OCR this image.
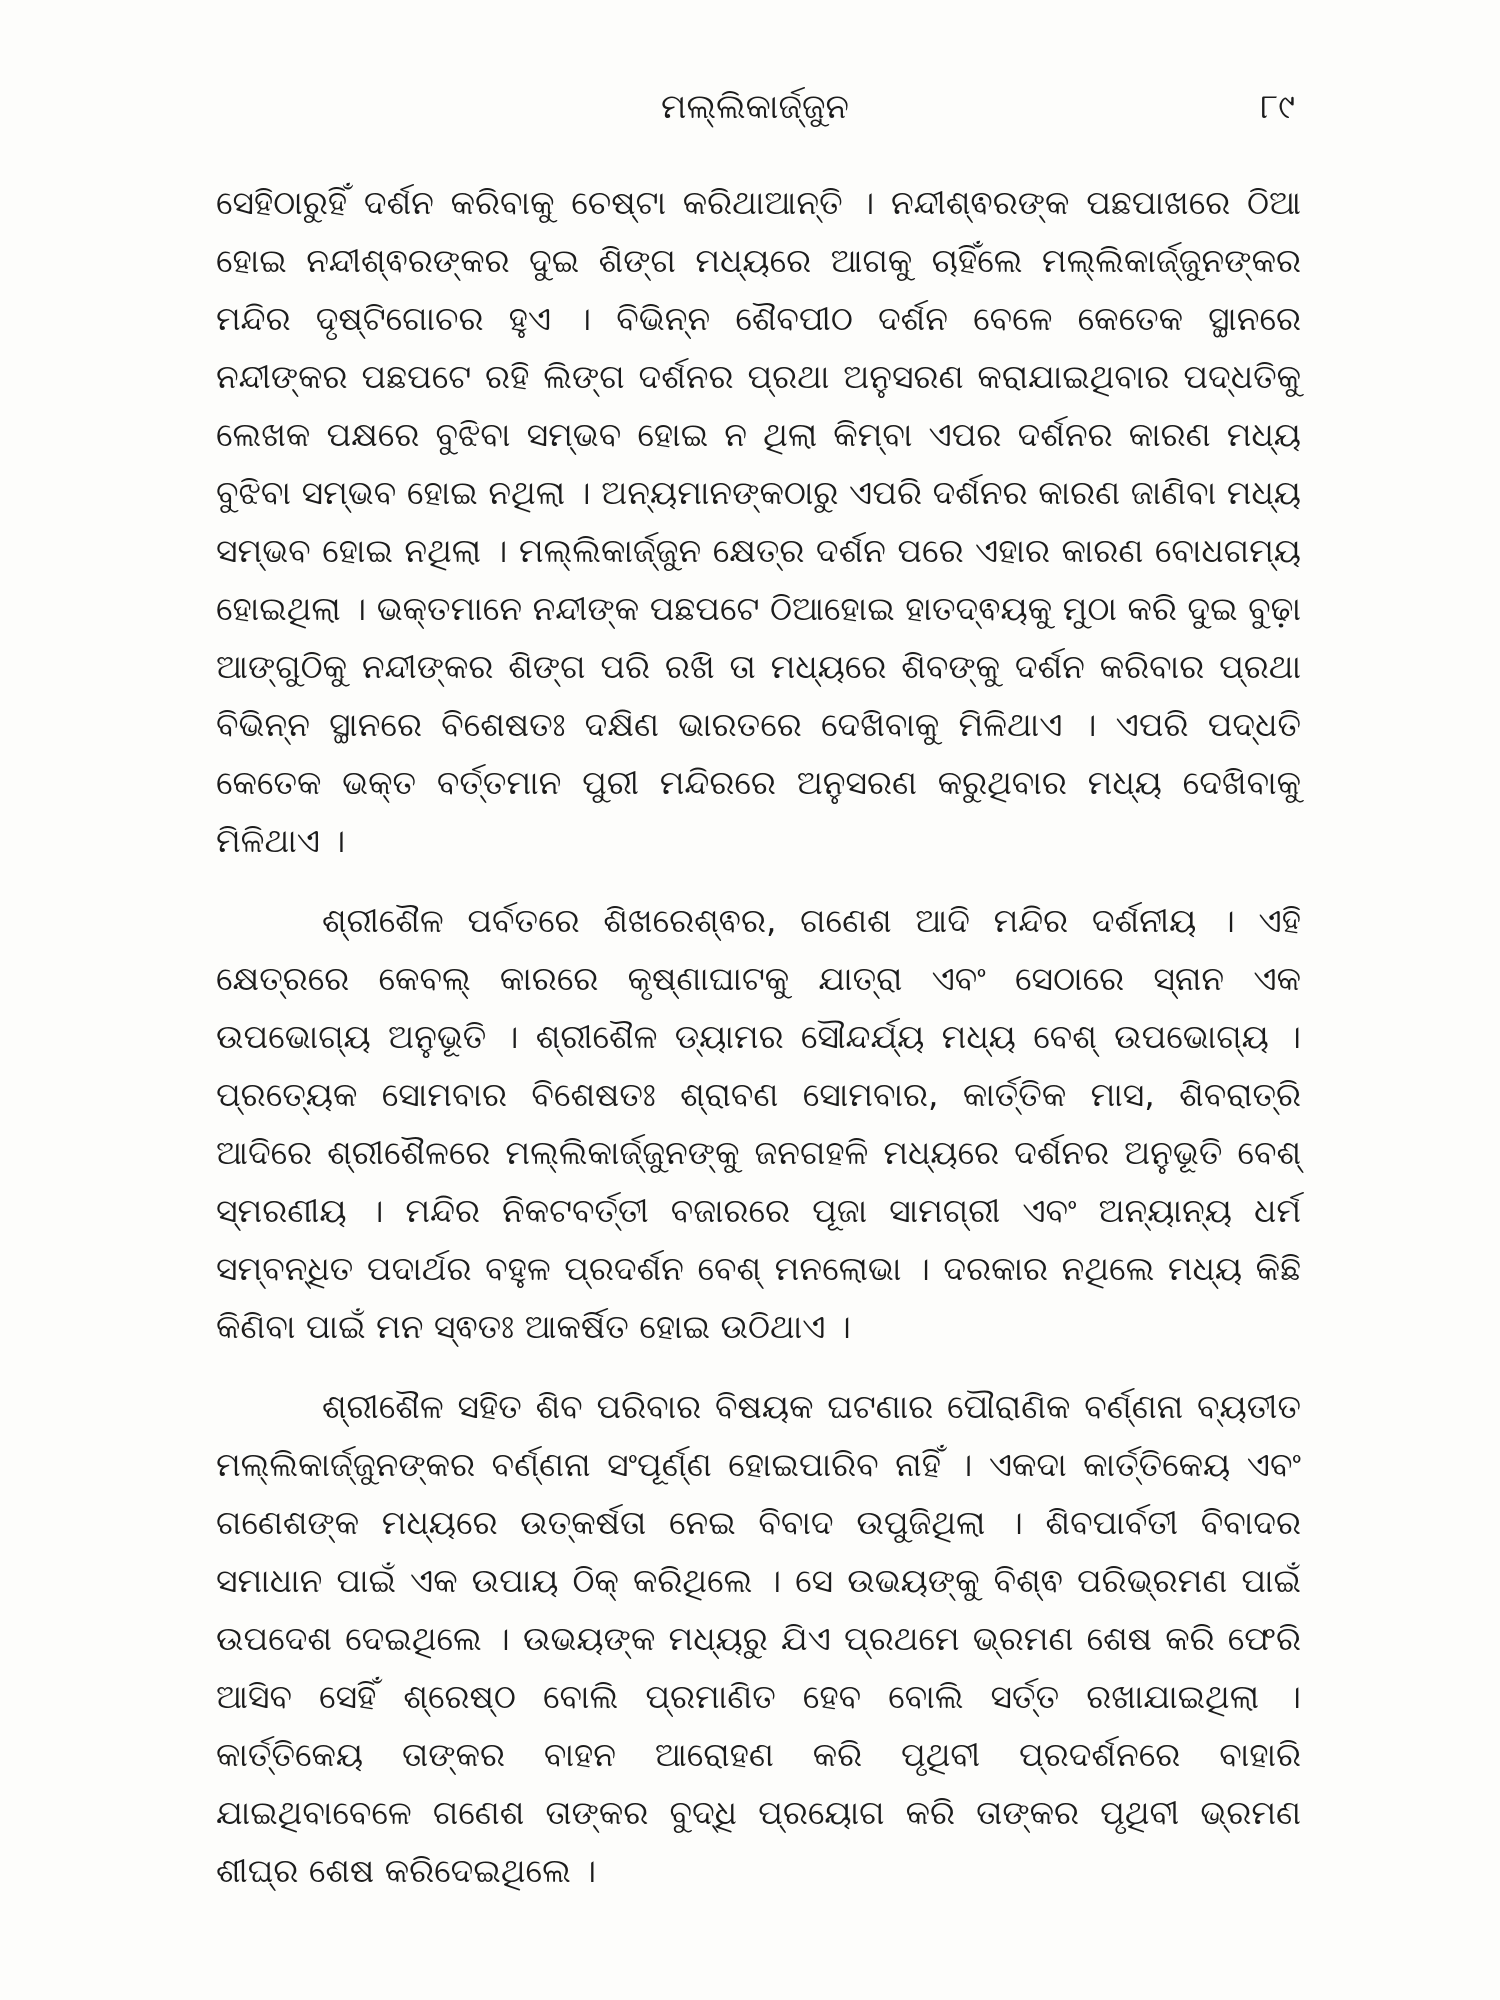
ମଲ୍ଲିକାର୍ଜ୍ଜୁନ	୮୯

ସେହିଠାରୁହିଁ ଦର୍ଶନ କରିବାକୁ ଚେଷ୍ଟା କରିଥାଆନ୍ତି । ନନ୍ଦୀଶ୍ଵରଙ୍କ ପଛପାଖରେ ଠିଆ ହୋଇ ନନ୍ଦୀଶ୍ଵରଙ୍କର ଦୁଇ ଶିଙ୍ଗ ମଧ୍ୟରେ ଆଗକୁ ଚାହିଁଲେ ମଲ୍ଲିକାର୍ଜ୍ଜୁନଙ୍କର ମନ୍ଦିର ଦୃଷ୍ଟିଗୋଚର ହୁଏ । ବିଭିନ୍ନ ଶୈବପୀଠ ଦର୍ଶନ ବେଳେ କେତେକ ସ୍ଥାନରେ ନନ୍ଦୀଙ୍କର ପଛପଟେ ରହି ଲିଙ୍ଗ ଦର୍ଶନର ପ୍ରଥା ଅନୁସରଣ କରାଯାଇଥିବାର ପଦ୍ଧତିକୁ ଲେଖକ ପକ୍ଷରେ ବୁଝିବା ସମ୍ଭବ ହୋଇ ନ ଥିଲା କିମ୍ବା ଏପର ଦର୍ଶନର କାରଣ ମଧ୍ୟ ବୁଝିବା ସମ୍ଭବ ହୋଇ ନଥିଲା । ଅନ୍ୟମାନଙ୍କଠାରୁ ଏପରି ଦର୍ଶନର କାରଣ ଜାଣିବା ମଧ୍ୟ ସମ୍ଭବ ହୋଇ ନଥିଲା । ମଲ୍ଲିକାର୍ଜ୍ଜୁନ କ୍ଷେତ୍ର ଦର୍ଶନ ପରେ ଏହାର କାରଣ ବୋଧଗମ୍ୟ ହୋଇଥିଲା । ଭକ୍ତମାନେ ନନ୍ଦୀଙ୍କ ପଛପଟେ ଠିଆହୋଇ ହାତଦ୍ଵୟକୁ ମୁଠା କରି ଦୁଇ ବୁଢ଼ା ଆଙ୍ଗୁଠିକୁ ନନ୍ଦୀଙ୍କର ଶିଙ୍ଗ ପରି ରଖି ତା ମଧ୍ୟରେ ଶିବଙ୍କୁ ଦର୍ଶନ କରିବାର ପ୍ରଥା ବିଭିନ୍ନ ସ୍ଥାନରେ ବିଶେଷତଃ ଦକ୍ଷିଣ ଭାରତରେ ଦେଖିବାକୁ ମିଳିଥାଏ । ଏପରି ପଦ୍ଧତି କେତେକ ଭକ୍ତ ବର୍ତ୍ତମାନ ପୁରୀ ମନ୍ଦିରରେ ଅନୁସରଣ କରୁଥିବାର ମଧ୍ୟ ଦେଖିବାକୁ ମିଳିଥାଏ ।

ଶ୍ରୀଶୈଳ ପର୍ବତରେ ଶିଖରେଶ୍ଵର, ଗଣେଶ ଆଦି ମନ୍ଦିର ଦର୍ଶନୀୟ । ଏହି କ୍ଷେତ୍ରରେ କେବଲ୍ କାରରେ କୃଷ୍ଣାଘାଟକୁ ଯାତ୍ରା ଏବଂ ସେଠାରେ ସ୍ନାନ ଏକ ଉପଭୋଗ୍ୟ ଅନୁଭୂତି । ଶ୍ରୀଶୈଳ ଡ୍ୟାମର ସୌନ୍ଦର୍ଯ୍ୟ ମଧ୍ୟ ବେଶ୍ ଉପଭୋଗ୍ୟ । ପ୍ରତ୍ୟେକ ସୋମବାର ବିଶେଷତଃ ଶ୍ରାବଣ ସୋମବାର, କାର୍ତ୍ତିକ ମାସ, ଶିବରାତ୍ରି ଆଦିରେ ଶ୍ରୀଶୈଳରେ ମଲ୍ଲିକାର୍ଜ୍ଜୁନଙ୍କୁ ଜନଗହଳି ମଧ୍ୟରେ ଦର୍ଶନର ଅନୁଭୂତି ବେଶ୍ ସ୍ମରଣୀୟ । ମନ୍ଦିର ନିକଟବର୍ତ୍ତୀ ବଜାରରେ ପୂଜା ସାମଗ୍ରୀ ଏବଂ ଅନ୍ୟାନ୍ୟ ଧର୍ମ ସମ୍ବନ୍ଧିତ ପଦାର୍ଥର ବହୁଳ ପ୍ରଦର୍ଶନ ବେଶ୍ ମନଲୋଭା । ଦରକାର ନଥିଲେ ମଧ୍ୟ କିଛି କିଣିବା ପାଇଁ ମନ ସ୍ଵତଃ ଆକର୍ଷିତ ହୋଇ ଉଠିଥାଏ ।

ଶ୍ରୀଶୈଳ ସହିତ ଶିବ ପରିବାର ବିଷୟକ ଘଟଣାର ପୌରାଣିକ ବର୍ଣ୍ଣନା ବ୍ୟତୀତ ମଲ୍ଲିକାର୍ଜ୍ଜୁନଙ୍କର ବର୍ଣ୍ଣନା ସଂପୂର୍ଣ୍ଣ ହୋଇପାରିବ ନାହିଁ । ଏକଦା କାର୍ତ୍ତିକେୟ ଏବଂ ଗଣେଶଙ୍କ ମଧ୍ୟରେ ଉତ୍କର୍ଷତା ନେଇ ବିବାଦ ଉପୁଜିଥିଲା । ଶିବପାର୍ବତୀ ବିବାଦର ସମାଧାନ ପାଇଁ ଏକ ଉପାୟ ଠିକ୍ କରିଥିଲେ । ସେ ଉଭୟଙ୍କୁ ବିଶ୍ଵ ପରିଭ୍ରମଣ ପାଇଁ ଉପଦେଶ ଦେଇଥିଲେ । ଉଭୟଙ୍କ ମଧ୍ୟରୁ ଯିଏ ପ୍ରଥମେ ଭ୍ରମଣ ଶେଷ କରି ଫେରି ଆସିବ ସେହିଁ ଶ୍ରେଷ୍ଠ ବୋଲି ପ୍ରମାଣିତ ହେବ ବୋଲି ସର୍ତ୍ତ ରଖାଯାଇଥିଲା । କାର୍ତ୍ତିକେୟ ତାଙ୍କର ବାହନ ଆରୋହଣ କରି ପୃଥିବୀ ପ୍ରଦର୍ଶନରେ ବାହାରି ଯାଇଥିବାବେଳେ ଗଣେଶ ତାଙ୍କର ବୁଦ୍ଧି ପ୍ରୟୋଗ କରି ତାଙ୍କର ପୃଥିବୀ ଭ୍ରମଣ ଶୀଘ୍ର ଶେଷ କରିଦେଇଥିଲେ ।
